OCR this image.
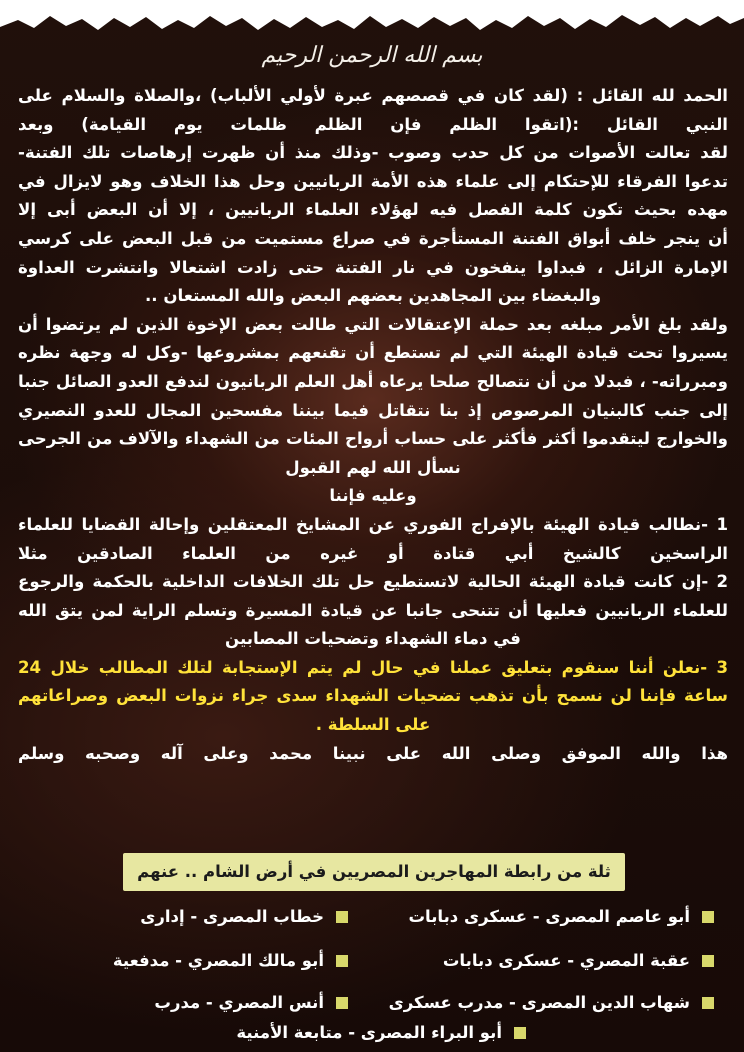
بسم الله الرحمن الرحيم
الحمد لله القائل : (لقد كان في قصصهم عبرة لأولي الألباب) ،والصلاة والسلام على
النبي القائل :(اتقوا الظلم فإن الظلم ظلمات يوم القيامة) وبعد
لقد تعالت الأصوات من كل حدب وصوب -وذلك منذ أن ظهرت إرهاصات تلك الفتنة-
تدعوا الفرقاء للإحتكام إلى علماء هذه الأمة الربانيين وحل هذا الخلاف وهو لايزال في
مهده بحيث تكون كلمة الفصل فيه لهؤلاء العلماء الربانيين ، إلا أن البعض أبى إلا
أن ينجر خلف أبواق الفتنة المستأجرة في صراع مستميت من قبل البعض على كرسي
الإمارة الزائل ، فبداوا ينفخون في نار الفتنة حتى زادت اشتعالا وانتشرت العداوة
والبغضاء بين المجاهدين بعضهم البعض والله المستعان ..
ولقد بلغ الأمر مبلغه بعد حملة الإعتقالات التي طالت بعض الإخوة الذين لم يرتضوا أن
يسيروا تحت قيادة الهيئة التي لم تستطع أن تقنعهم بمشروعها -وكل له وجهة نظره
ومبرراته- ، فبدلا من أن نتصالح صلحا يرعاه أهل العلم الربانيون لندفع العدو الصائل جنبا
إلى جنب كالبنيان المرصوص إذ بنا نتقاتل فيما بيننا مفسحين المجال للعدو النصيري
والخوارج ليتقدموا أكثر فأكثر على حساب أرواح المئات من الشهداء والآلاف من الجرحى
نسأل الله لهم القبول
وعليه فإننا
1 -نطالب قيادة الهيئة بالإفراج الفوري عن المشايخ المعتقلين وإحالة القضايا للعلماء
الراسخين كالشيخ أبي قتادة أو غيره من العلماء الصادقين مثلا
2 -إن كانت قيادة الهيئة الحالية لاتستطيع حل تلك الخلافات الداخلية بالحكمة والرجوع
للعلماء الربانيين فعليها أن تتنحى جانبا عن قيادة المسيرة وتسلم الراية لمن يتق الله
في دماء الشهداء وتضحيات المصابين
3 -نعلن أننا سنقوم بتعليق عملنا في حال لم يتم الإستجابة لتلك المطالب خلال 24
ساعة فإننا لن نسمح بأن تذهب تضحيات الشهداء سدى جراء نزوات البعض وصراعاتهم
على السلطة .
هذا والله الموفق وصلى الله على نبينا محمد وعلى آله وصحبه وسلم
ثلة من رابطة المهاجرين المصريين في أرض الشام .. عنهم
أبو عاصم المصرى - عسكرى دبابات
خطاب المصرى - إدارى
عقبة المصري - عسكرى دبابات
أبو مالك المصري - مدفعية
شهاب الدين المصرى - مدرب عسكرى
أنس المصري - مدرب
أبو البراء المصرى - متابعة الأمنية
